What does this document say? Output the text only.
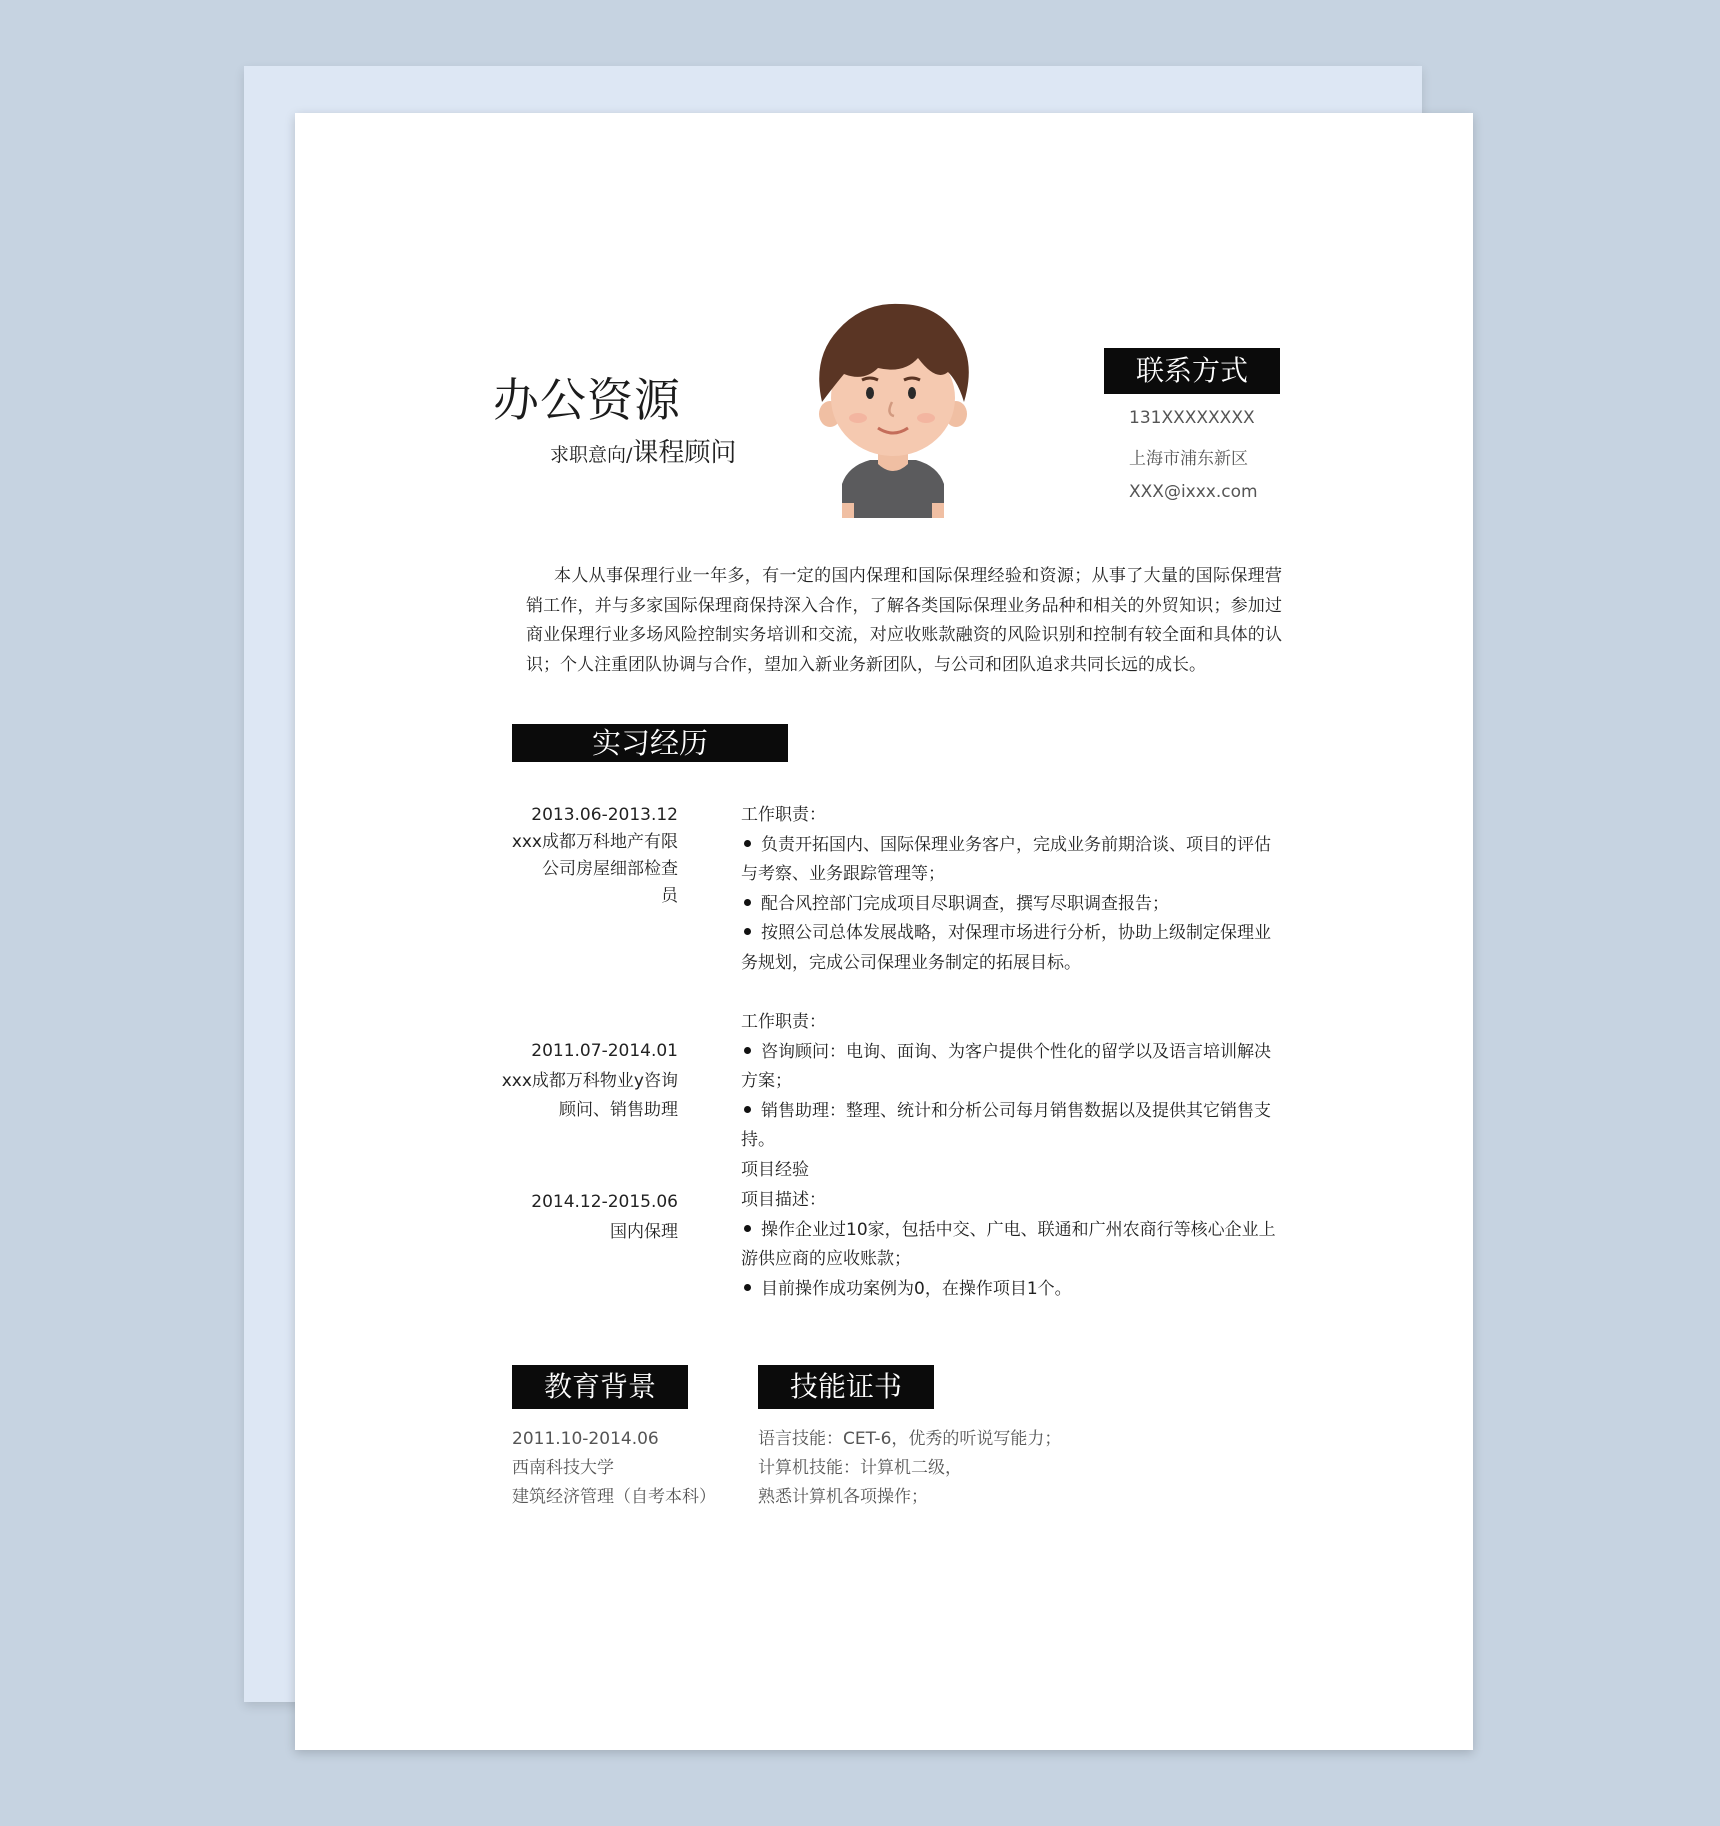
办公资源
求职意向/课程顾问
联系方式
131XXXXXXXX
上海市浦东新区
XXX@ixxx.com
本人从事保理行业一年多，有一定的国内保理和国际保理经验和资源；从事了大量的国际保理营销工作，并与多家国际保理商保持深入合作，了解各类国际保理业务品种和相关的外贸知识；参加过商业保理行业多场风险控制实务培训和交流，对应收账款融资的风险识别和控制有较全面和具体的认识；个人注重团队协调与合作，望加入新业务新团队，与公司和团队追求共同长远的成长。
实习经历
2013.06-2013.12
xxx成都万科地产有限
公司房屋细部检查
员
工作职责：
负责开拓国内、国际保理业务客户，完成业务前期洽谈、项目的评估与考察、业务跟踪管理等；
配合风控部门完成项目尽职调查，撰写尽职调查报告；
按照公司总体发展战略，对保理市场进行分析，协助上级制定保理业务规划，完成公司保理业务制定的拓展目标。
2011.07-2014.01
xxx成都万科物业y咨询
顾问、销售助理
工作职责：
咨询顾问：电询、面询、为客户提供个性化的留学以及语言培训解决方案；
销售助理：整理、统计和分析公司每月销售数据以及提供其它销售支持。
项目经验
2014.12-2015.06
国内保理
项目描述：
操作企业过10家，包括中交、广电、联通和广州农商行等核心企业上游供应商的应收账款；
目前操作成功案例为0，在操作项目1个。
教育背景
2011.10-2014.06
西南科技大学
建筑经济管理（自考本科）
技能证书
语言技能：CET-6，优秀的听说写能力；
计算机技能：计算机二级，
熟悉计算机各项操作；
